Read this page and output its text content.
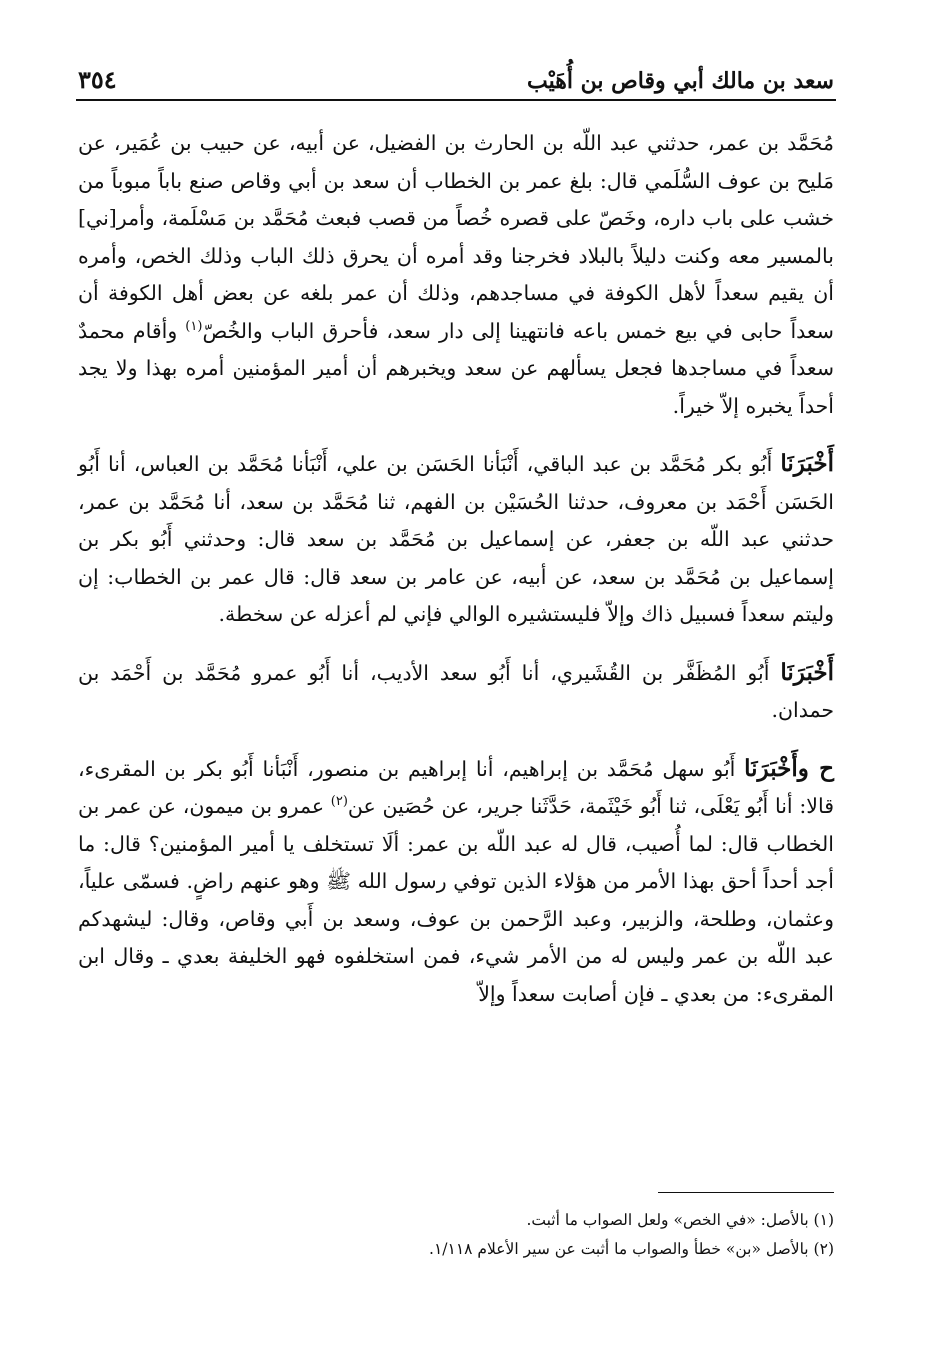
سعد بن مالك أبي وقاص بن أُهَيْب
٣٥٤

مُحَمَّد بن عمر، حدثني عبد اللّه بن الحارث بن الفضيل، عن أبيه، عن حبيب بن عُمَير، عن مَليح بن عوف السُّلَمي قال: بلغ عمر بن الخطاب أن سعد بن أبي وقاص صنع باباً مبوباً من خشب على باب داره، وخَصّ على قصره خُصاً من قصب فبعث مُحَمَّد بن مَسْلَمة، وأمر[ني] بالمسير معه وكنت دليلاً بالبلاد فخرجنا وقد أمره أن يحرق ذلك الباب وذلك الخص، وأمره أن يقيم سعداً لأهل الكوفة في مساجدهم، وذلك أن عمر بلغه عن بعض أهل الكوفة أن سعداً حابى في بيع خمس باعه فانتهينا إلى دار سعد، فأحرق الباب والخُصّ$^{(١)}$ وأقام محمدٌ سعداً في مساجدها فجعل يسألهم عن سعد ويخبرهم أن أمير المؤمنين أمره بهذا ولا يجد أحداً يخبره إلاّ خيراً.

أَخْبَرَنَا أَبُو بكر مُحَمَّد بن عبد الباقي، أَنْبَأنا الحَسَن بن علي، أَنْبَأنا مُحَمَّد بن العباس، أنا أَبُو الحَسَن أَحْمَد بن معروف، حدثنا الحُسَيْن بن الفهم، ثنا مُحَمَّد بن سعد، أنا مُحَمَّد بن عمر، حدثني عبد اللّه بن جعفر، عن إسماعيل بن مُحَمَّد بن سعد قال: وحدثني أَبُو بكر بن إسماعيل بن مُحَمَّد بن سعد، عن أبيه، عن عامر بن سعد قال: قال عمر بن الخطاب: إن وليتم سعداً فسبيل ذاك وإلاّ فليستشيره الوالي فإني لم أعزله عن سخطة.

أَخْبَرَنَا أَبُو المُظَفَّر بن القُشَيري، أنا أَبُو سعد الأديب، أنا أَبُو عمرو مُحَمَّد بن أَحْمَد بن حمدان.

ح وأَخْبَرَنَا أَبُو سهل مُحَمَّد بن إبراهيم، أنا إبراهيم بن منصور، أَنْبَأنا أَبُو بكر بن المقرىء، قالا: أنا أَبُو يَعْلَى، ثنا أَبُو خَيْثَمة، حَدَّثَنا جرير، عن حُصَين عن$^{(٢)}$ عمرو بن ميمون، عن عمر بن الخطاب قال: لما أُصيب، قال له عبد اللّه بن عمر: ألَا تستخلف يا أمير المؤمنين؟ قال: ما أجد أحداً أحق بهذا الأمر من هؤلاء الذين توفي رسول الله ﷺ وهو عنهم راضٍ. فسمّى علياً، وعثمان، وطلحة، والزبير، وعبد الرَّحمن بن عوف، وسعد بن أَبي وقاص، وقال: ليشهدكم عبد اللّه بن عمر وليس له من الأمر شيء، فمن استخلفوه فهو الخليفة بعدي ـ وقال ابن المقرىء: من بعدي ـ فإن أصابت سعداً وإلاّ

(١) بالأصل: «في الخص» ولعل الصواب ما أثبت.

(٢) بالأصل «بن» خطأ والصواب ما أثبت عن سير الأعلام ١/١١٨.
